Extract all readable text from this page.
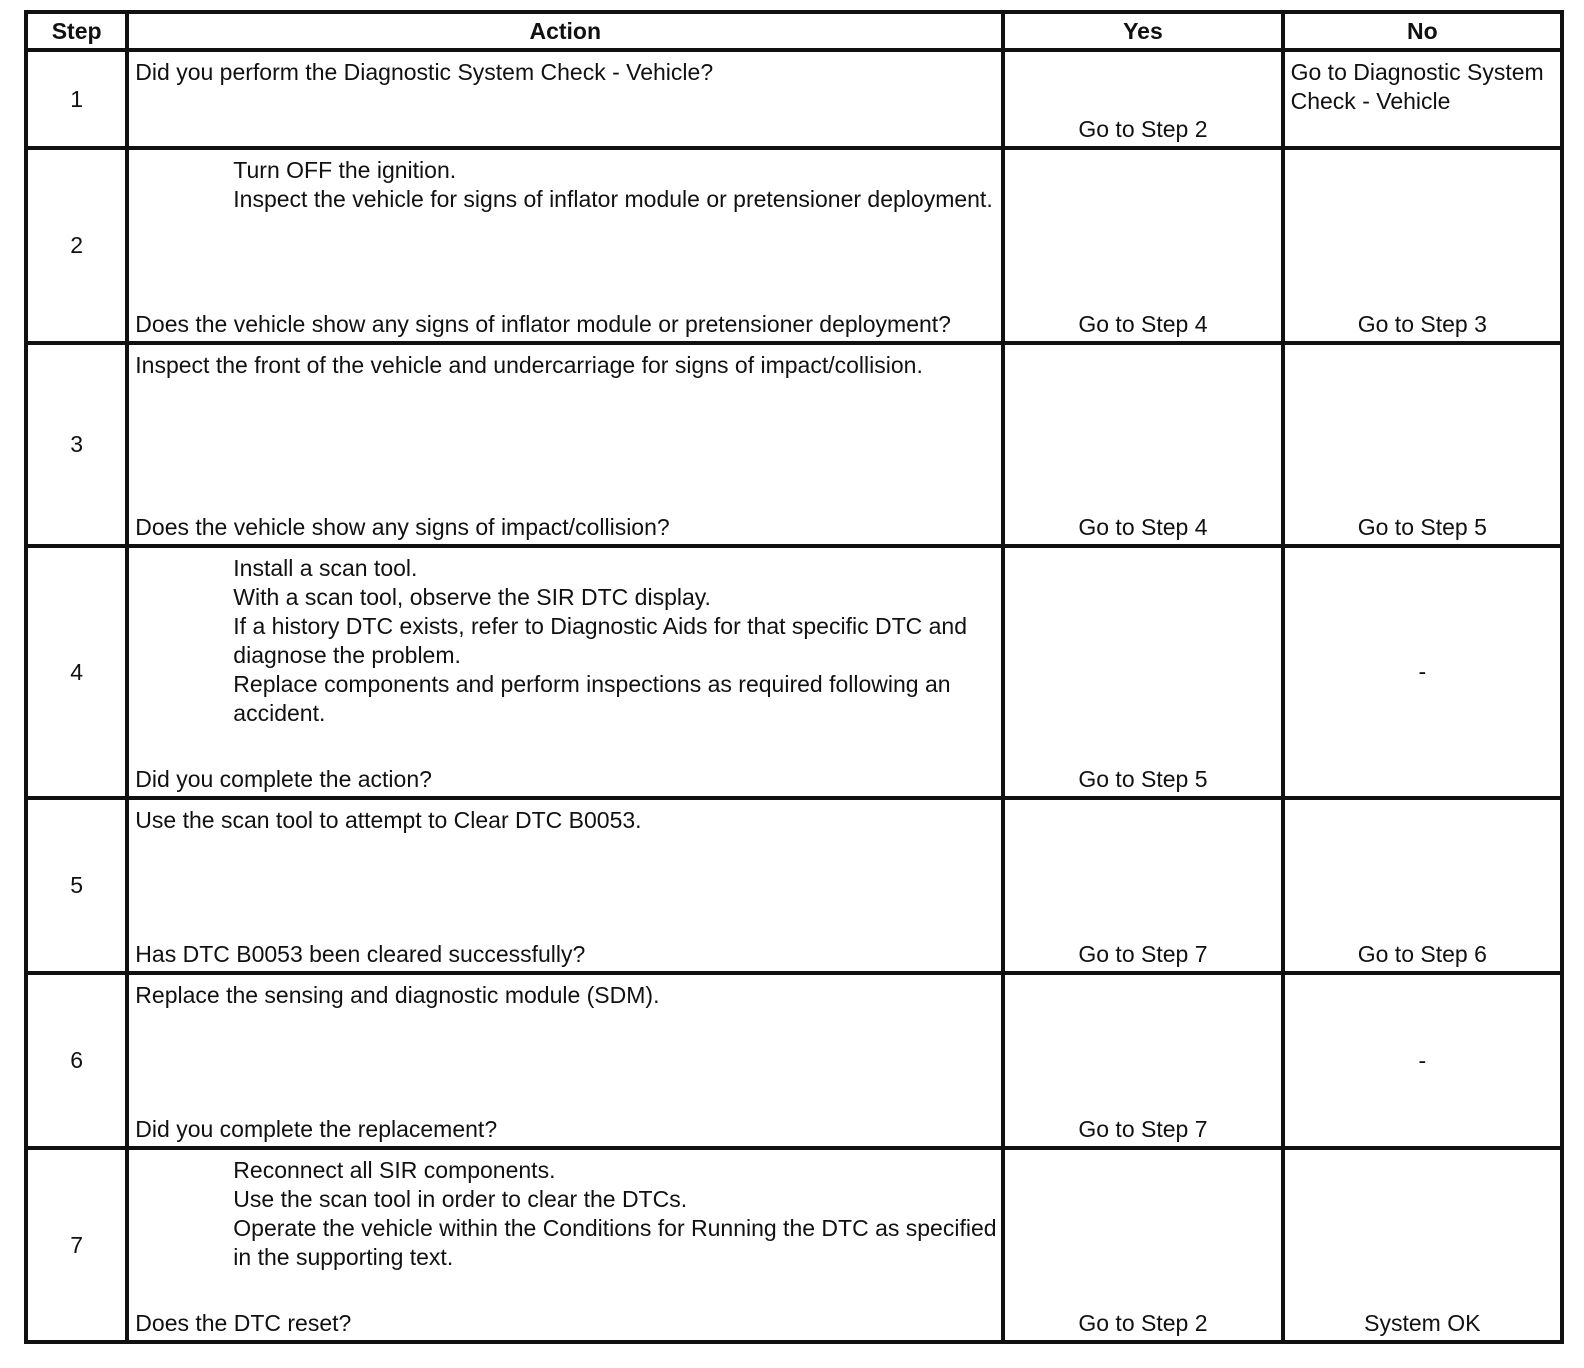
Step	Action	Yes	No
1	Did you perform the Diagnostic System Check - Vehicle?	Go to Step 2	Go to Diagnostic System Check - Vehicle

2	Turn OFF the ignition.
Inspect the vehicle for signs of inflator module or pretensioner deployment.
Does the vehicle show any signs of inflator module or pretensioner deployment?	Go to Step 4	Go to Step 3

3	Inspect the front of the vehicle and undercarriage for signs of impact/collision.
Does the vehicle show any signs of impact/collision?	Go to Step 4	Go to Step 5

4	Install a scan tool.
With a scan tool, observe the SIR DTC display.
If a history DTC exists, refer to Diagnostic Aids for that specific DTC and diagnose the problem.
Replace components and perform inspections as required following an accident.
Did you complete the action?	Go to Step 5	-

5	Use the scan tool to attempt to Clear DTC B0053.
Has DTC B0053 been cleared successfully?	Go to Step 7	Go to Step 6

6	Replace the sensing and diagnostic module (SDM).
Did you complete the replacement?	Go to Step 7	-

7	Reconnect all SIR components.
Use the scan tool in order to clear the DTCs.
Operate the vehicle within the Conditions for Running the DTC as specified in the supporting text.
Does the DTC reset?	Go to Step 2	System OK
